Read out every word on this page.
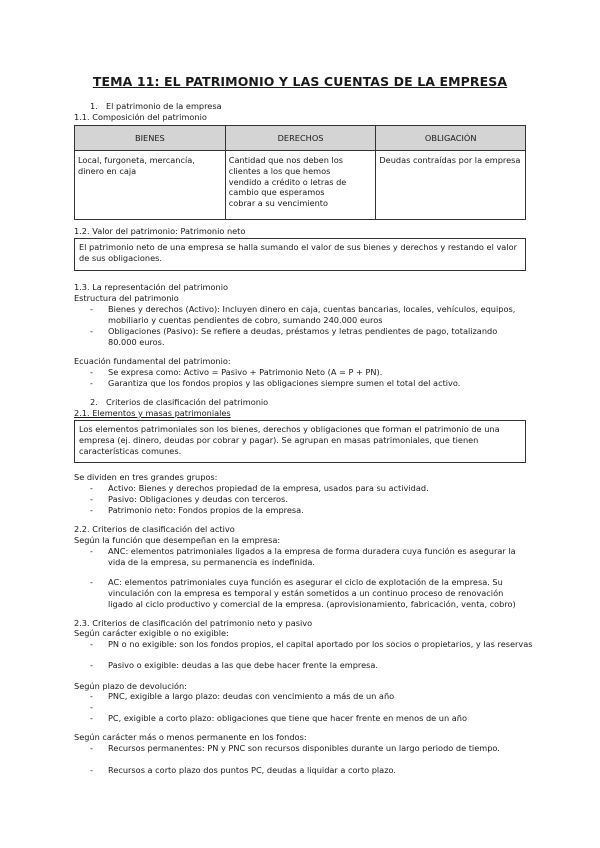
TEMA 11: EL PATRIMONIO Y LAS CUENTAS DE LA EMPRESA
1. El patrimonio de la empresa
1.1. Composición del patrimonio
BIENES	DERECHOS	OBLIGACIÓN

Local, furgoneta, mercancía, dinero en caja	Cantidad que nos deben los clientes a los que hemos vendido a crédito o letras de cambio que esperamos cobrar a su vencimiento	Deudas contraídas por la empresa
1.2. Valor del patrimonio: Patrimonio neto
El patrimonio neto de una empresa se halla sumando el valor de sus bienes y derechos y restando el valor de sus obligaciones.
1.3. La representación del patrimonio
Estructura del patrimonio
- Bienes y derechos (Activo): Incluyen dinero en caja, cuentas bancarias, locales, vehículos, equipos, mobiliario y cuentas pendientes de cobro, sumando 240.000 euros
- Obligaciones (Pasivo): Se refiere a deudas, préstamos y letras pendientes de pago, totalizando 80.000 euros.
Ecuación fundamental del patrimonio:
- Se expresa como: Activo = Pasivo + Patrimonio Neto (A = P + PN).
- Garantiza que los fondos propios y las obligaciones siempre sumen el total del activo.
2. Criterios de clasificación del patrimonio
2.1. Elementos y masas patrimoniales
Los elementos patrimoniales son los bienes, derechos y obligaciones que forman el patrimonio de una empresa (ej. dinero, deudas por cobrar y pagar). Se agrupan en masas patrimoniales, que tienen características comunes.
Se dividen en tres grandes grupos:
- Activo: Bienes y derechos propiedad de la empresa, usados para su actividad.
- Pasivo: Obligaciones y deudas con terceros.
- Patrimonio neto: Fondos propios de la empresa.
2.2. Criterios de clasificación del activo
Según la función que desempeñan en la empresa:
- ANC: elementos patrimoniales ligados a la empresa de forma duradera cuya función es asegurar la vida de la empresa, su permanencia es indefinida.
- AC: elementos patrimoniales cuya función es asegurar el ciclo de explotación de la empresa. Su vinculación con la empresa es temporal y están sometidos a un continuo proceso de renovación ligado al ciclo productivo y comercial de la empresa. (aprovisionamiento, fabricación, venta, cobro)
2.3. Criterios de clasificación del patrimonio neto y pasivo
Según carácter exigible o no exigible:
- PN o no exigible: son los fondos propios, el capital aportado por los socios o propietarios, y las reservas
- Pasivo o exigible: deudas a las que debe hacer frente la empresa.
Según plazo de devolución:
- PNC, exigible a largo plazo: deudas con vencimiento a más de un año
-
- PC, exigible a corto plazo: obligaciones que tiene que hacer frente en menos de un año
Según carácter más o menos permanente en los fondos:
- Recursos permanentes: PN y PNC son recursos disponibles durante un largo periodo de tiempo.
- Recursos a corto plazo dos puntos PC, deudas a liquidar a corto plazo.
